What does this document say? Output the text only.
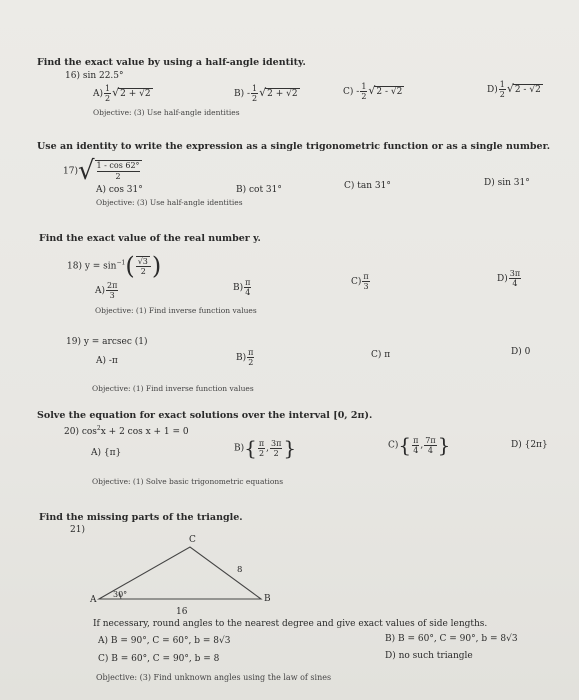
Find the exact value by using a half-angle identity.
16) sin 22.5°
$A) \frac{1}{2} √2 + √2$	$B) - \frac{1}{2} √2 + √2$	$C) - \frac{1}{2} √2 - √2$	$D) \frac{1}{2} √2 - √2$
Objective: (3) Use half-angle identities
Use an identity to write the expression as a single trigonometric function or as a single number.
$17)√ \frac{1 - \cos 62^\circ}{2}$
A) cos 31°	B) cot 31°	C) tan 31°	D) sin 31°
Objective: (3) Use half-angle identities
Find the exact value of the real number y.
18) $y = \sin^{-1}( \frac{√3}{2}$ )
$A) \frac{2\pi}{3}$	$B) \frac{\pi}{4}$	$C) \frac{\pi}{3}$	$D) \frac{3\pi}{4}$
Objective: (1) Find inverse function values
19) y = arcsec (1)
A) -π	$B) \frac{\pi}{2}$	C) π	D) 0
Objective: (1) Find inverse function values
Solve the equation for exact solutions over the interval [0, 2π).
20) $\cos^2x + 2$ cos x + 1 = 0
A) {π}	$B)\{ \frac{\pi}{2}$ , $\frac{3\pi}{2}$ }	$C)\{ \frac{\pi}{4}$ , $\frac{7\pi}{4}$ }	D) {2π}
Objective: (1) Solve basic trigonometric equations
Find the missing parts of the triangle.
21)
C
A	B
30°
8
16
If necessary, round angles to the nearest degree and give exact values of side lengths.
A) B = 90°, C = 60°, b = 8√3	B) B = 60°, C = 90°, b = 8√3
C) B = 60°, C = 90°, b = 8	D) no such triangle
Objective: (3) Find unknown angles using the law of sines
